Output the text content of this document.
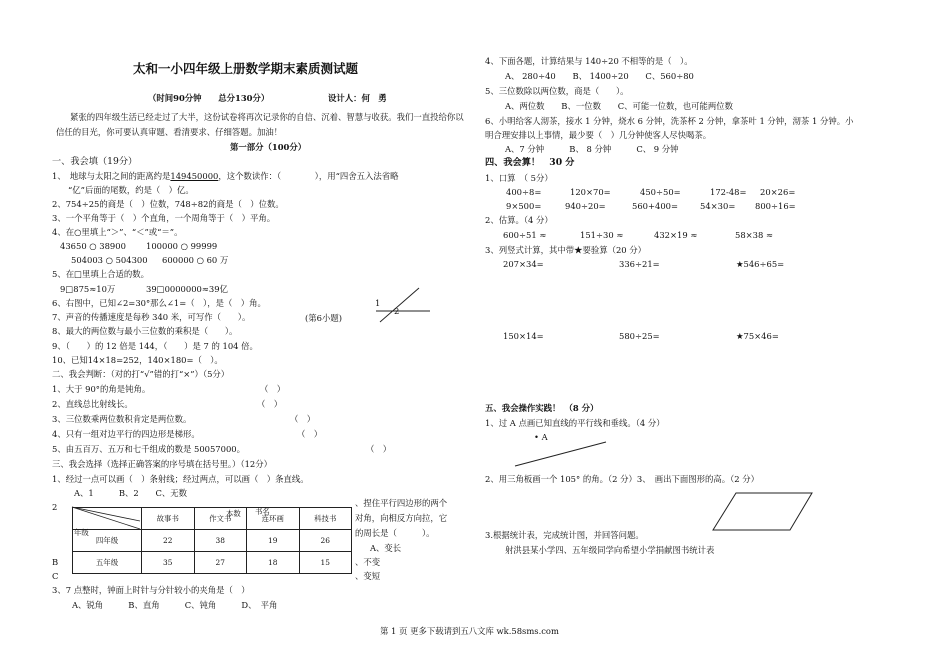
太和一小四年级上册数学期末素质测试题
（时间90分钟　　总分130分）	设计人：何　勇
紧张的四年级生活已经走过了大半，这份试卷将再次记录你的自信、沉着、智慧与收获。我们一直投给你以
信任的目光，你可要认真审题、看清要求、仔细答题。加油！
第一部分（100分）
一、我会填（19分）
1、　地球与太阳之间的距离约是149450000，这个数读作：（　　　　），用“四舍五入法省略
“亿”后面的尾数，约是（　）亿。
2、754÷25的商是（　）位数，748÷82的商是（　）位数。
3、一个平角等于（　）个直角，一个周角等于（　）平角。
4、在○里填上“＞”、“＜”或“＝”。
43650 ○ 38900 100000 ○ 99999
504003 ○ 504300 600000 ○ 60 万
5、在□里填上合适的数。
9□875≈10万	39□0000000≈39亿
6、右图中，已知∠2=30°那么∠1=（　），是（　）角。
7、声音的传播速度是每秒 340 米，可写作（　　）。	(第6小题)
8、最大的两位数与最小三位数的乘积是（　　）。
9、（　　）的 12 倍是 144，（　　）是 7 的 104 倍。
10、已知14×18=252，140×180=（　）。
二、我会判断：（对的打“√”错的打“×”）（5分）
1、大于 90°的角是钝角。	（　）
2、直线总比射线长。	（　）
3、三位数乘两位数积肯定是两位数。	（　）
4、只有一组对边平行的四边形是梯形。	（　）
5、由五百万、五万和七千组成的数是 50057000。	（　）
三、我会选择（选择正确答案的序号填在括号里。）（12分）
1、经过一点可以画（　）条射线；经过两点，可以画（　）条直线。
A、1　　　B、2　　C、无数
2
	故事书	作文书	连环画	科技书
四年级	22	38	19	26
五年级	35	27	18	15
本数 书名
年级
、捏住平行四边形的两个
对角，向相反方向拉，它
的周长是（　　　）。
A、变长
B	、不变
C	、变短
3、7 点整时，钟面上时针与分针较小的夹角是（　）
A、锐角　　　B、直角　　　C、钝角　　　D、　平角
4、下面各题，计算结果与 140÷20 不相等的是（　）。
A、 280÷40　　B、 1400÷20　　C、560÷80
5、三位数除以两位数，商是（　　）。
A、两位数　　B、一位数　　C、可能一位数，也可能两位数
6、小明给客人沏茶，接水 1 分钟，烧水 6 分钟，洗茶杯 2 分钟，拿茶叶 1 分钟，沏茶 1 分钟。小
明合理安排以上事情，最少要（　）几分钟使客人尽快喝茶。
A、7 分钟　　　B、 8 分钟　　　C、 9 分钟
四、我会算！　30 分
1、口算　（ 5分）
400÷8=	120×70=	450÷50=	172-48= 20×26=
9×500=	940÷20=	560+400=	54×30= 800÷16=
2、估算。（4 分）
600÷51 ≈	151÷30 ≈	432×19 ≈	58×38 ≈
3、列竖式计算，其中带★要验算（20 分）
207×34=	336÷21=	★546÷65=
150×14=	580÷25=	★75×46=
五、我会操作实践！　（8 分）
1、过 A 点画已知直线的平行线和垂线。（4 分）
• A
2、用三角板画一个 105° 的角。（2 分）3、　画出下面图形的高。（2 分）
3.根据统计表，完成统计图，并回答问题。
射洪县某小学四、五年级同学向希望小学捐献图书统计表
1
2
第 1 页 更多下载请到五八文库 wk.58sms.com
